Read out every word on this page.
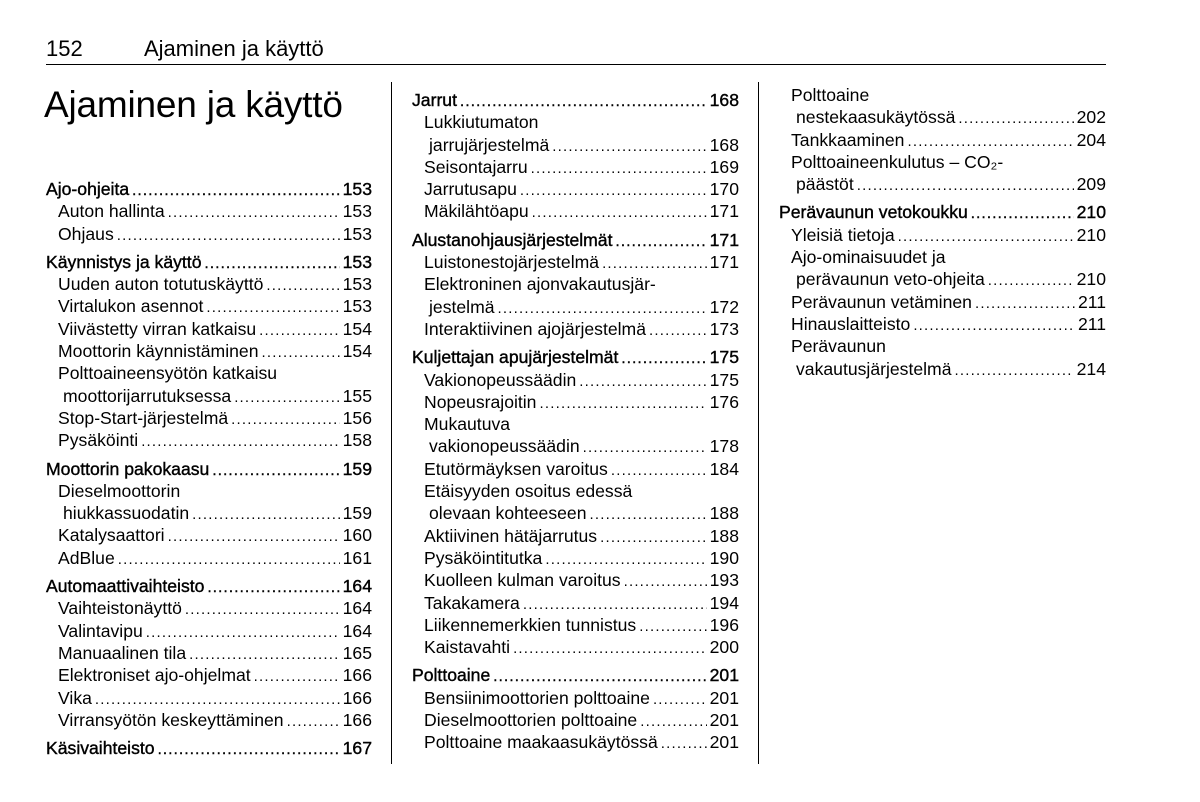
152	Ajaminen ja käyttö
Ajaminen ja käyttö
Ajo-ohjeita .....	153
Auton hallinta .....	153
Ohjaus .....	153
Käynnistys ja käyttö .....	153
Uuden auton totutuskäyttö .....	153
Virtalukon asennot .....	153
Viivästetty virran katkaisu .....	154
Moottorin käynnistäminen .....	154
Polttoaineensyötön katkaisu
moottorijarrutuksessa .....	155
Stop-Start-järjestelmä .....	156
Pysäköinti .....	158
Moottorin pakokaasu .....	159
Dieselmoottorin
hiukkassuodatin .....	159
Katalysaattori .....	160
AdBlue .....	161
Automaattivaihteisto .....	164
Vaihteistonäyttö .....	164
Valintavipu .....	164
Manuaalinen tila .....	165
Elektroniset ajo-ohjelmat .....	166
Vika .....	166
Virransyötön keskeyttäminen .....	166
Käsivaihteisto .....	167
Jarrut .....	168
Lukkiutumaton
jarrujärjestelmä .....	168
Seisontajarru .....	169
Jarrutusapu .....	170
Mäkilähtöapu .....	171
Alustanohjausjärjestelmät .....	171
Luistonestojärjestelmä .....	171
Elektroninen ajonvakautusjär-
jestelmä .....	172
Interaktiivinen ajojärjestelmä .....	173
Kuljettajan apujärjestelmät .....	175
Vakionopeussäädin .....	175
Nopeusrajoitin .....	176
Mukautuva
vakionopeussäädin .....	178
Etutörmäyksen varoitus .....	184
Etäisyyden osoitus edessä
olevaan kohteeseen .....	188
Aktiivinen hätäjarrutus .....	188
Pysäköintitutka .....	190
Kuolleen kulman varoitus .....	193
Takakamera .....	194
Liikennemerkkien tunnistus .....	196
Kaistavahti .....	200
Polttoaine .....	201
Bensiinimoottorien polttoaine .....	201
Dieselmoottorien polttoaine .....	201
Polttoaine maakaasukäytössä .....	201
Polttoaine
nestekaasukäytössä .....	202
Tankkaaminen .....	204
Polttoaineenkulutus – CO₂-
päästöt .....	209
Perävaunun vetokoukku .....	210
Yleisiä tietoja .....	210
Ajo-ominaisuudet ja
perävaunun veto-ohjeita .....	210
Perävaunun vetäminen .....	211
Hinauslaitteisto .....	211
Perävaunun
vakautusjärjestelmä .....	214
